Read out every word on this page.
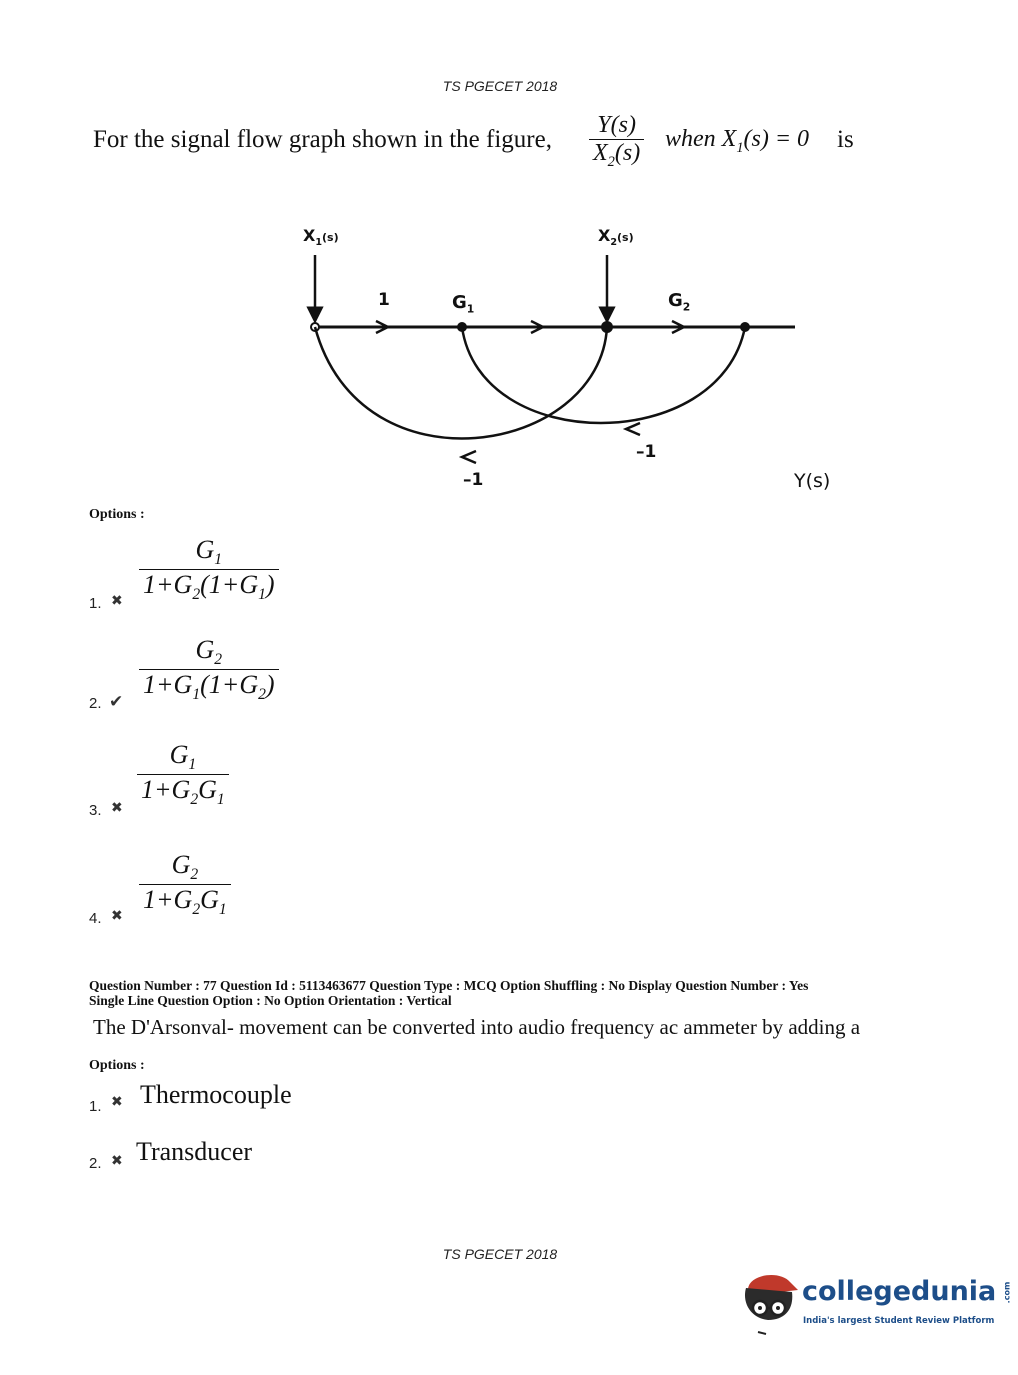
TS PGECET 2018
For the signal flow graph shown in the figure, $\frac{Y(s)}{X_2(s)}$ when $X_1(s) = 0$ is
$X_1(s)$	$X_2(s)$
1	$G_1$	$G_2$
–1
–1	Y(s)
Options :
1. ✖ $\frac{G_1}{1+G_2(1+G_1)}$
2. ✔ $\frac{G_2}{1+G_1(1+G_2)}$
3. ✖ $\frac{G_1}{1+G_2G_1}$
4. ✖ $\frac{G_2}{1+G_2G_1}$
Question Number : 77 Question Id : 5113463677 Question Type : MCQ Option Shuffling : No Display Question Number : Yes
Single Line Question Option : No Option Orientation : Vertical
The D'Arsonval- movement can be converted into audio frequency ac ammeter by adding a
Options :
1. ✖ Thermocouple
2. ✖ Transducer
TS PGECET 2018
collegedunia .com
India's largest Student Review Platform
